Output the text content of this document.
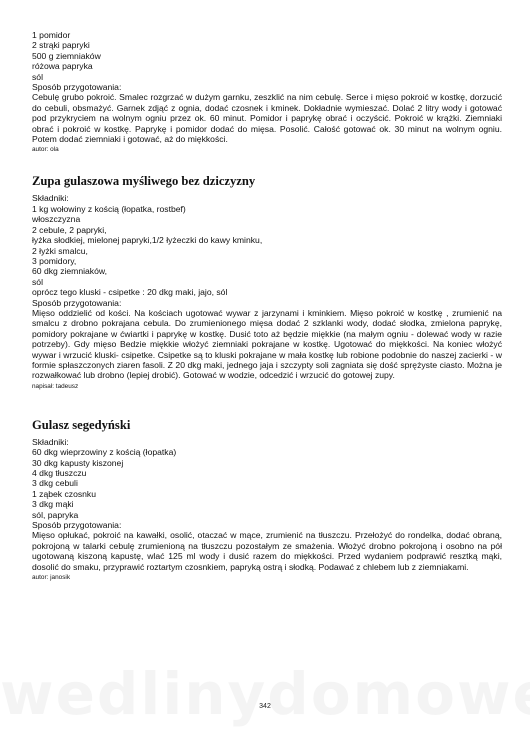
1 pomidor
2 strąki papryki
500 g ziemniaków
różowa papryka
sól
Sposób przygotowania:
Cebulę grubo pokroić. Smalec rozgrzać w dużym garnku, zeszklić na nim cebulę. Serce i mięso pokroić w kostkę, dorzucić do cebuli, obsmażyć. Garnek zdjąć z ognia, dodać czosnek i kminek. Dokładnie wymieszać. Dolać 2 litry wody i gotować pod przykryciem na wolnym ogniu przez ok. 60 minut. Pomidor i paprykę obrać i oczyścić. Pokroić w krążki. Ziemniaki obrać i pokroić w kostkę. Paprykę i pomidor dodać do mięsa. Posolić. Całość gotować ok. 30 minut na wolnym ogniu. Potem dodać ziemniaki i gotować, aż do miękkości.
autor: ola
Zupa gulaszowa myśliwego bez dziczyzny
Składniki:
1 kg wołowiny z kością (łopatka, rostbef)
włoszczyzna
2 cebule, 2 papryki,
łyżka słodkiej, mielonej papryki,1/2 łyżeczki do kawy kminku,
2 łyżki smalcu,
3 pomidory,
60 dkg ziemniaków,
sól
oprócz tego kluski - csipetke : 20 dkg maki, jajo, sól
Sposób przygotowania:
Mięso oddzielić od kości. Na kościach ugotować wywar z jarzynami i kminkiem. Mięso pokroić w kostkę , zrumienić na smalcu z drobno pokrajana cebula. Do zrumienionego mięsa dodać 2 szklanki wody, dodać słodka, zmielona paprykę, pomidory pokrajane w ćwiartki i paprykę w kostkę. Dusić toto aż będzie miękkie (na małym ogniu - dolewać wody w razie potrzeby). Gdy mięso Bedzie miękkie włożyć ziemniaki pokrajane w kostkę. Ugotować do miękkości. Na koniec włożyć wywar i wrzucić kluski- csipetke. Csipetke są to kluski pokrajane w mała kostkę lub robione podobnie do naszej zacierki - w formie spłaszczonych ziaren fasoli. Z 20 dkg maki, jednego jaja i szczypty soli zagniata się dość sprężyste ciasto. Można je rozwałkować lub drobno (lepiej drobić). Gotować w wodzie, odcedzić i wrzucić do gotowej zupy.
napisał: tadeusz
Gulasz segedyński
Składniki:
60 dkg wieprzowiny z kością (łopatka)
30 dkg kapusty kiszonej
4 dkg tłuszczu
3 dkg cebuli
1 ząbek czosnku
3 dkg mąki
sól, papryka
Sposób przygotowania:
Mięso opłukać, pokroić na kawałki, osolić, otaczać w mące, zrumienić na tłuszczu. Przełożyć do rondelka, dodać obraną, pokrojoną w talarki cebulę zrumienioną na tłuszczu pozostałym ze smażenia. Włożyć drobno pokrojoną i osobno na pół ugotowaną kiszoną kapustę, wlać 125 ml wody i dusić razem do miękkości. Przed wydaniem podprawić resztką mąki, dosolić do smaku, przyprawić roztartym czosnkiem, papryką ostrą i słodką. Podawać z chlebem lub z ziemniakami.
autor: janosik
342
